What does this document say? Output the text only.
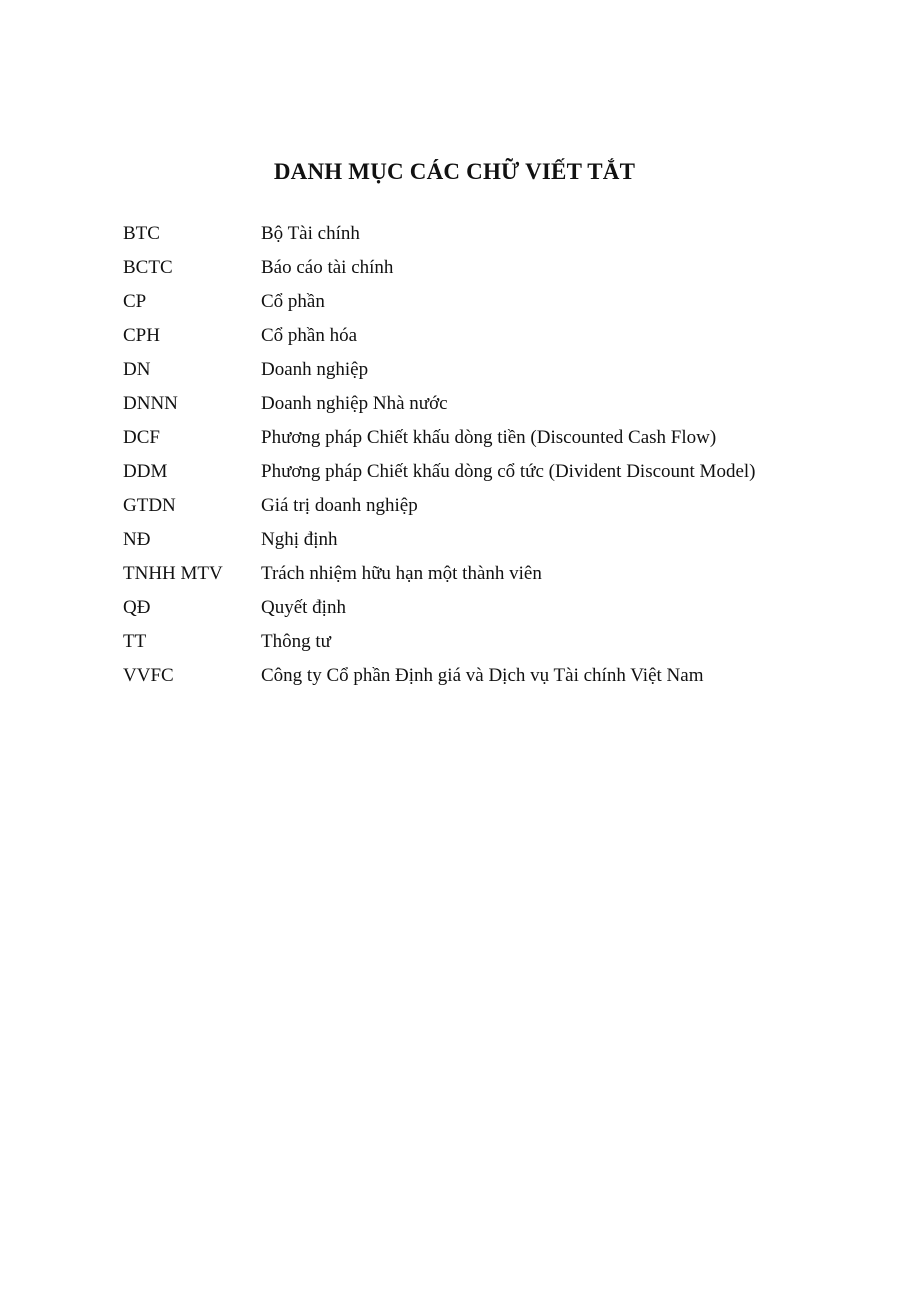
DANH MỤC CÁC CHỮ VIẾT TẮT
BTC	Bộ Tài chính
BCTC	Báo cáo tài chính
CP	Cổ phần
CPH	Cổ phần hóa
DN	Doanh nghiệp
DNNN	Doanh nghiệp Nhà nước
DCF	Phương pháp Chiết khấu dòng tiền (Discounted Cash Flow)
DDM	Phương pháp Chiết khấu dòng cổ tức (Divident Discount Model)
GTDN	Giá trị doanh nghiệp
NĐ	Nghị định
TNHH MTV	Trách nhiệm hữu hạn một thành viên
QĐ	Quyết định
TT	Thông tư
VVFC	Công ty Cổ phần Định giá và Dịch vụ Tài chính Việt Nam
